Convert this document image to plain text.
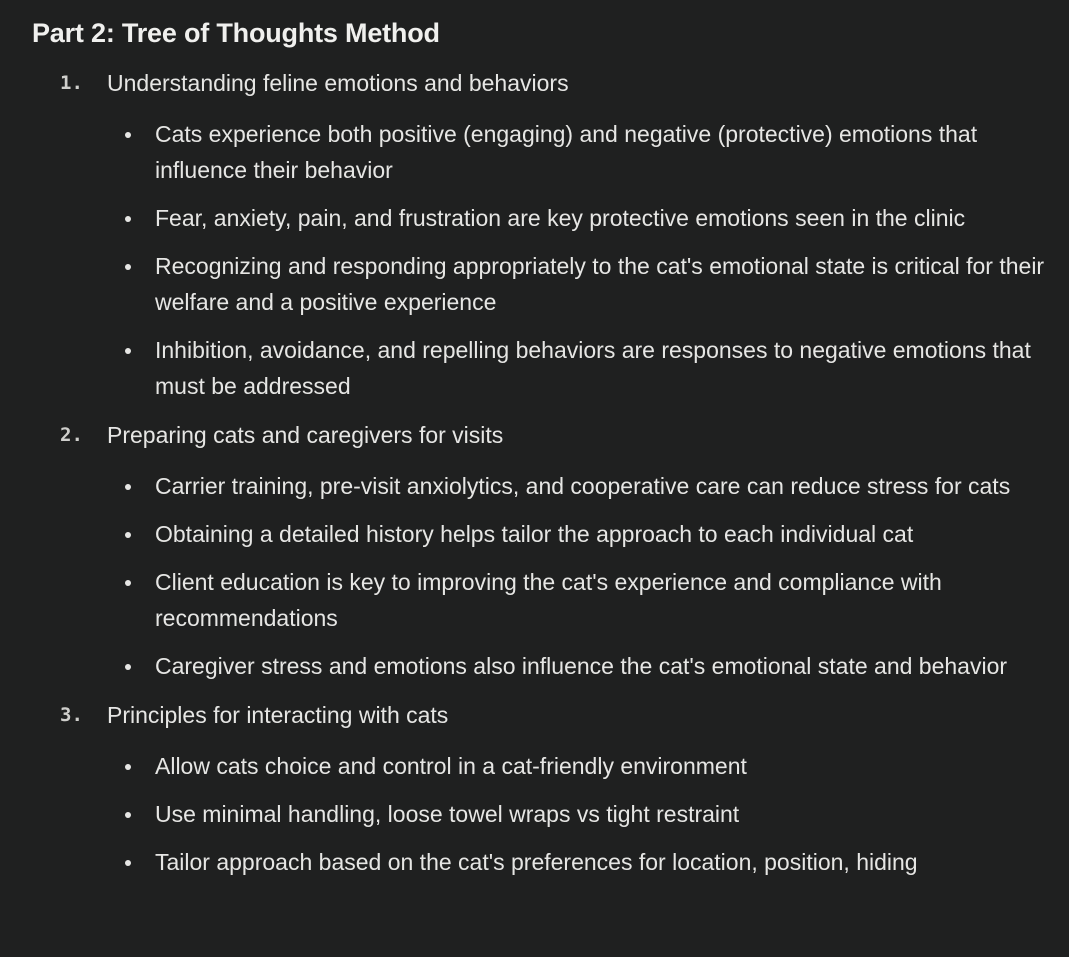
Part 2: Tree of Thoughts Method
1. Understanding feline emotions and behaviors
Cats experience both positive (engaging) and negative (protective) emotions that influence their behavior
Fear, anxiety, pain, and frustration are key protective emotions seen in the clinic
Recognizing and responding appropriately to the cat's emotional state is critical for their welfare and a positive experience
Inhibition, avoidance, and repelling behaviors are responses to negative emotions that must be addressed
2. Preparing cats and caregivers for visits
Carrier training, pre-visit anxiolytics, and cooperative care can reduce stress for cats
Obtaining a detailed history helps tailor the approach to each individual cat
Client education is key to improving the cat's experience and compliance with recommendations
Caregiver stress and emotions also influence the cat's emotional state and behavior
3. Principles for interacting with cats
Allow cats choice and control in a cat-friendly environment
Use minimal handling, loose towel wraps vs tight restraint
Tailor approach based on the cat's preferences for location, position, hiding
